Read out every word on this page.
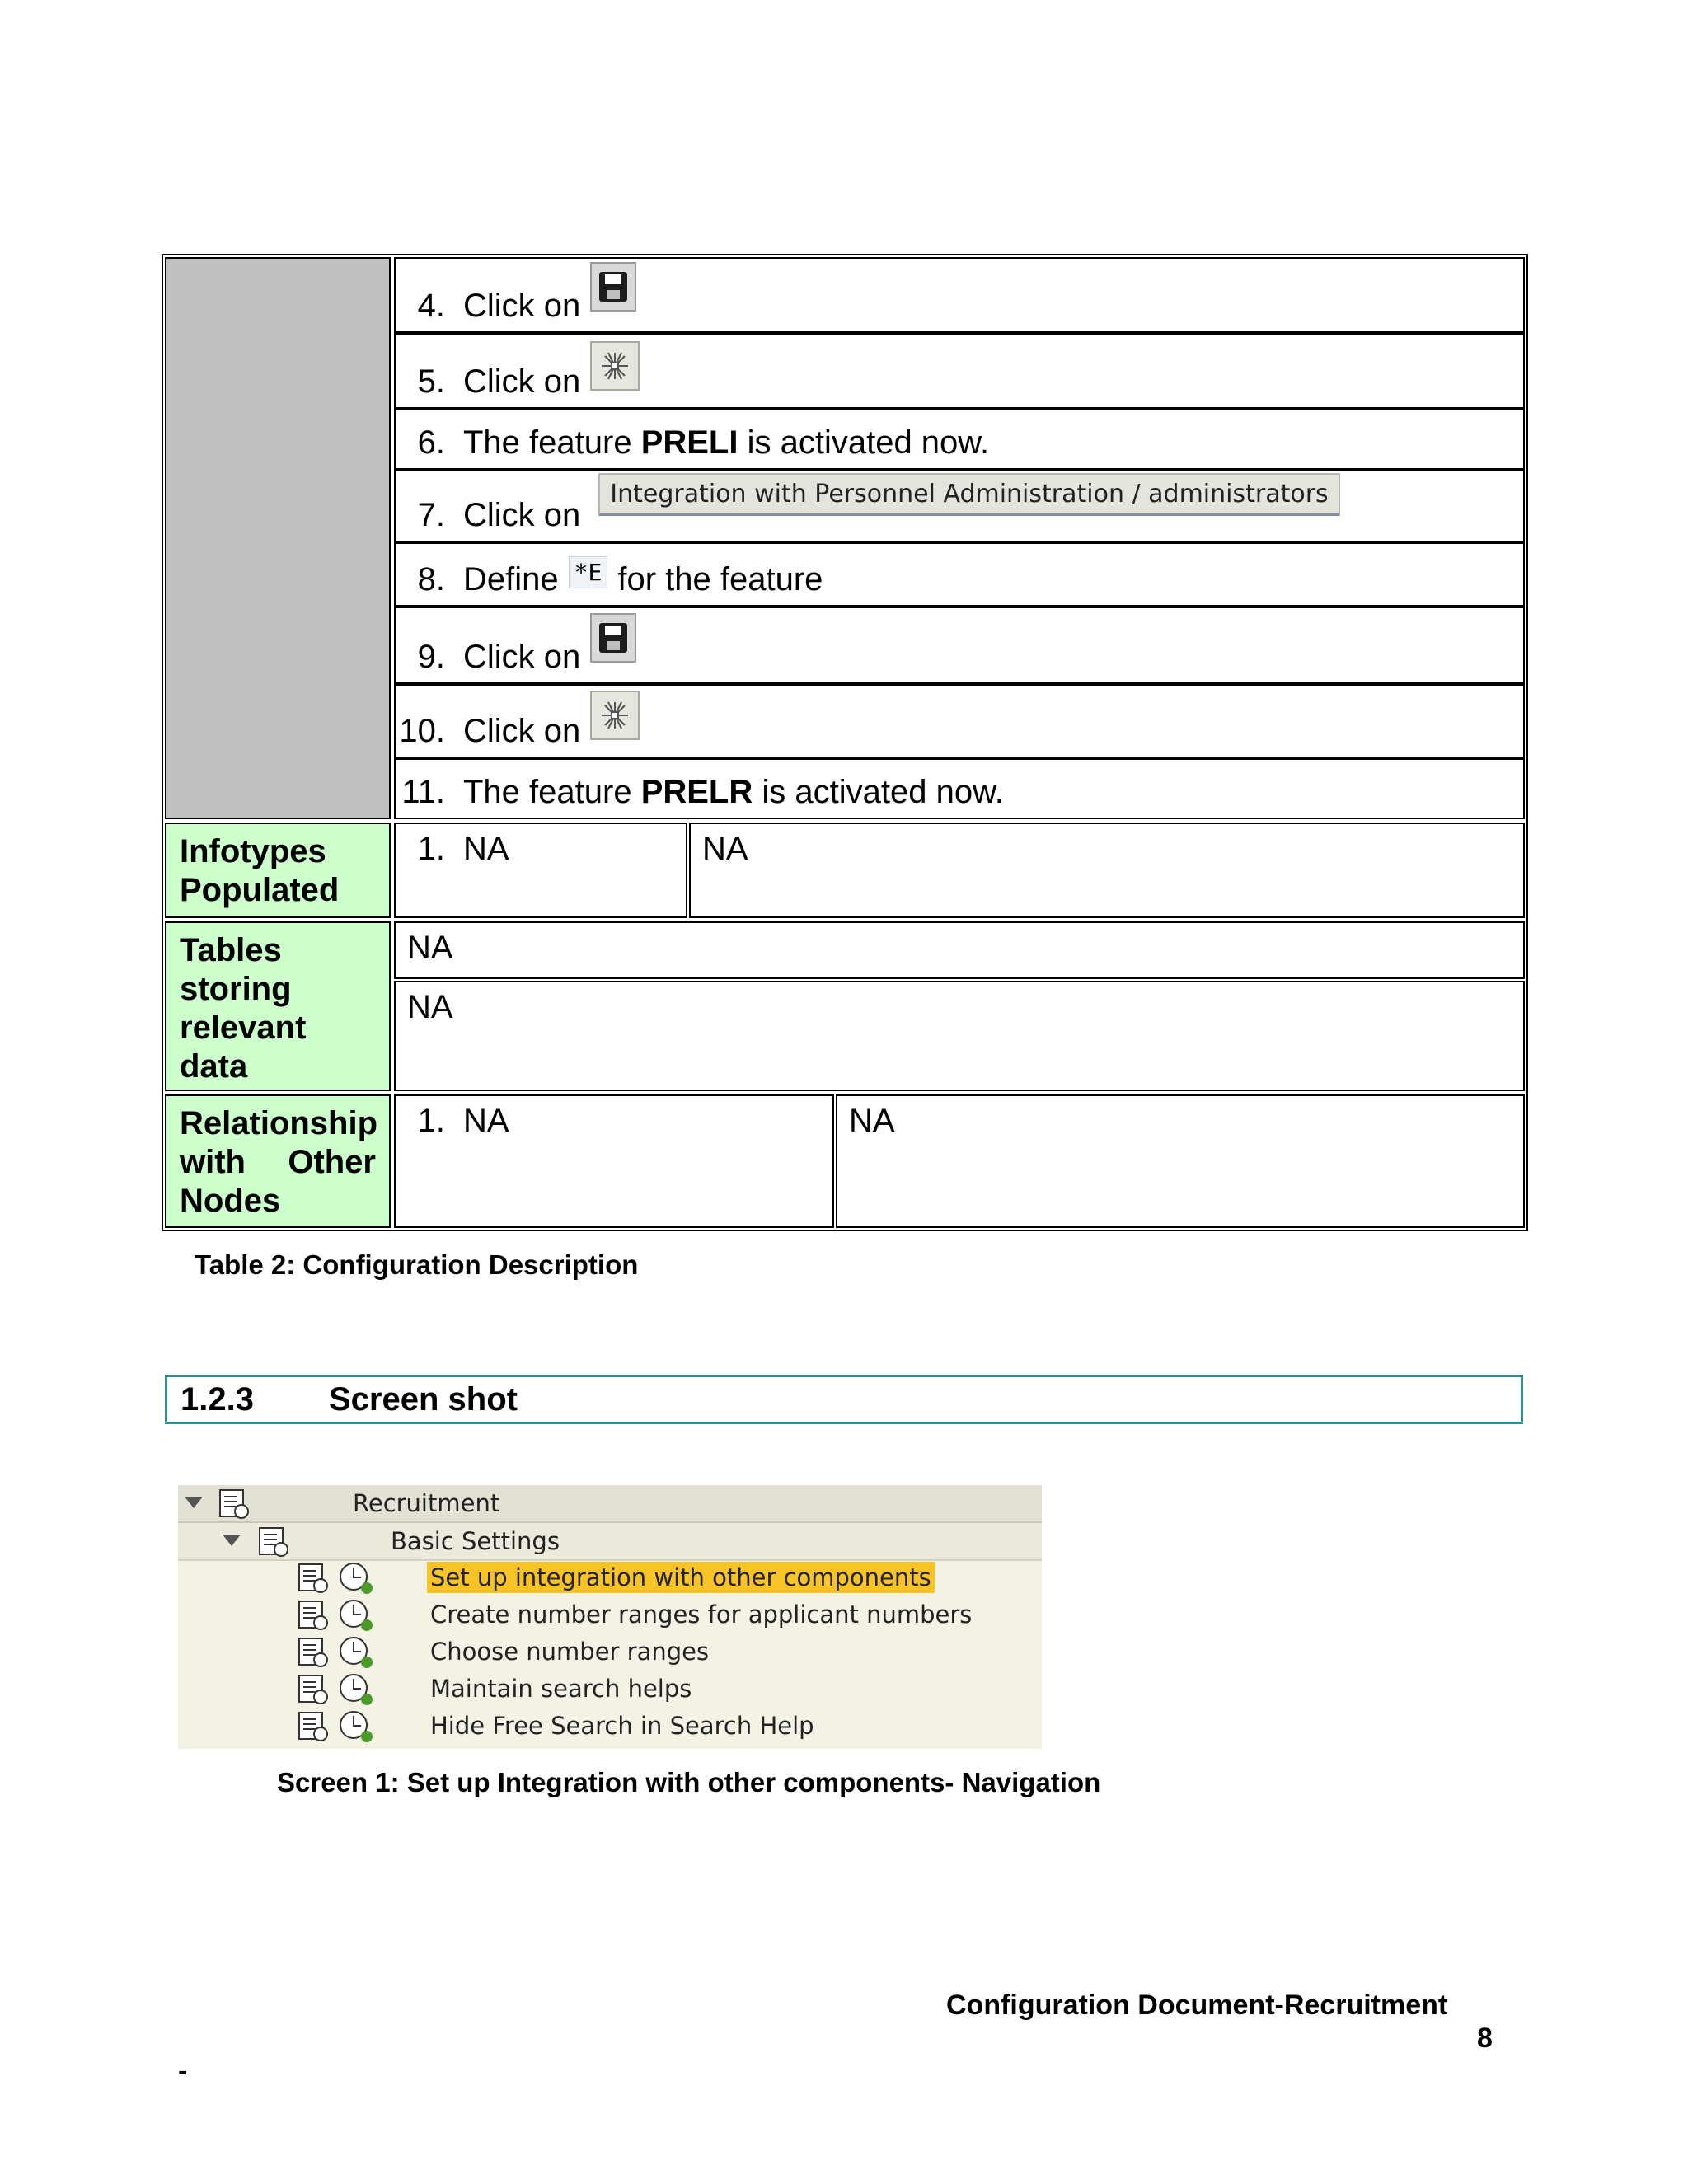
4. Click on
5. Click on
6. The feature PRELI is activated now.
7. Click on
Integration with Personnel Administration / administrators
8. Define *E for the feature
9. Click on
10. Click on
11. The feature PRELR is activated now.
Infotypes Populated
1. NA	NA
Tables storing relevant data
NA
NA
Relationship with Other Nodes
1. NA	NA
Table 2: Configuration Description
1.2.3	Screen shot
Recruitment
Basic Settings
Set up integration with other components
Create number ranges for applicant numbers
Choose number ranges
Maintain search helps
Hide Free Search in Search Help
Screen 1: Set up Integration with other components- Navigation
Configuration Document-Recruitment
8
-
